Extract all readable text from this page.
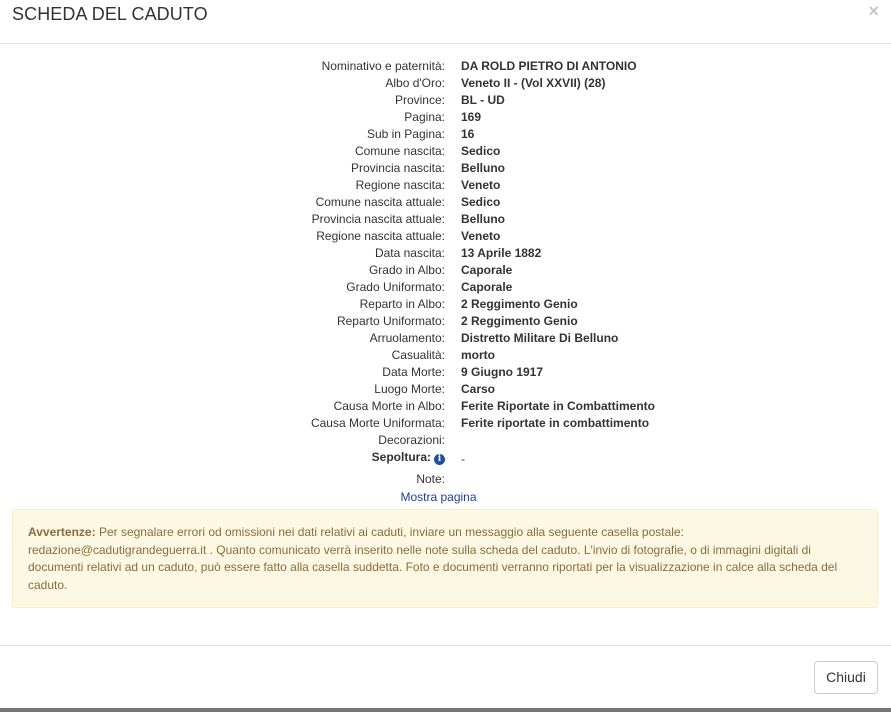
SCHEDA DEL CADUTO	×
Nominativo e paternità: DA ROLD PIETRO DI ANTONIO
Albo d'Oro: Veneto II - (Vol XXVII) (28)
Province: BL - UD
Pagina: 169
Sub in Pagina: 16
Comune nascita: Sedico
Provincia nascita: Belluno
Regione nascita: Veneto
Comune nascita attuale: Sedico
Provincia nascita attuale: Belluno
Regione nascita attuale: Veneto
Data nascita: 13 Aprile 1882
Grado in Albo: Caporale
Grado Uniformato: Caporale
Reparto in Albo: 2 Reggimento Genio
Reparto Uniformato: 2 Reggimento Genio
Arruolamento: Distretto Militare Di Belluno
Casualità: morto
Data Morte: 9 Giugno 1917
Luogo Morte: Carso
Causa Morte in Albo: Ferite Riportate in Combattimento
Causa Morte Uniformata: Ferite riportate in combattimento
Decorazioni:
Sepoltura: i	-
Note:
Mostra pagina
Avvertenze: Per segnalare errori od omissioni nei dati relativi ai caduti, inviare un messaggio alla seguente casella postale: redazione@cadutigrandeguerra.it . Quanto comunicato verrà inserito nelle note sulla scheda del caduto. L'invio di fotografie, o di immagini digitali di documenti relativi ad un caduto, può essere fatto alla casella suddetta. Foto e documenti verranno riportati per la visualizzazione in calce alla scheda del caduto.
Chiudi
